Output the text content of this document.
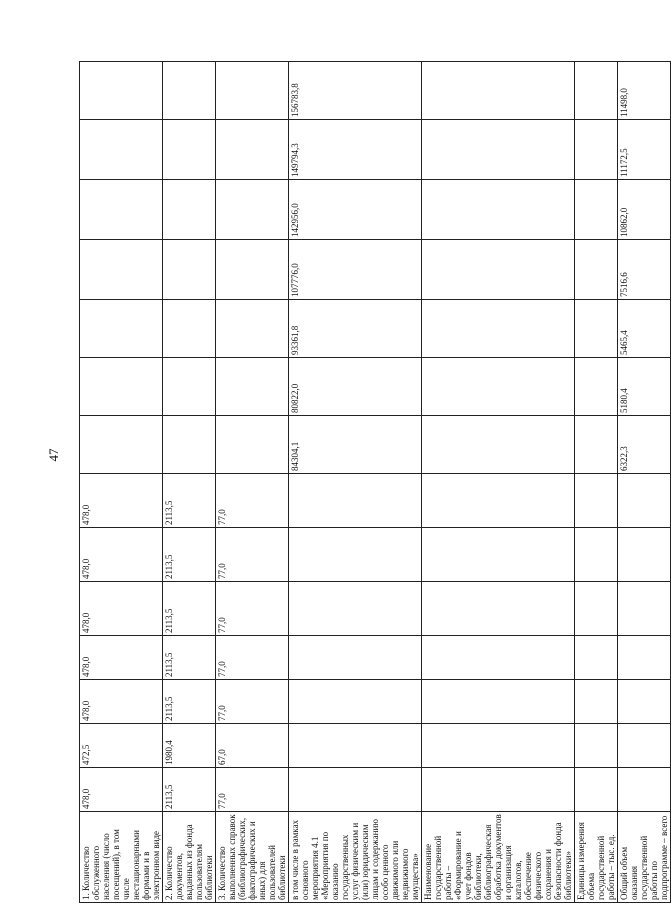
47
1. Количество обслуженного населения (число посещений), в том числе нестационарными формами и в электронном виде	478,0	472,5	478,0	478,0	478,0	478,0	478,0							
2. Количество документов, выданных из фонда пользователям библиотеки	2113,5	1980,4	2113,5	2113,5	2113,5	2113,5	2113,5							
3. Количество выполненных справок (библиографических, фактографических и иных) для пользователей библиотеки	77,0	67,0	77,0	77,0	77,0	77,0	77,0							
в том числе в рамках основного мероприятия 4.1 «Мероприятия по оказанию государственных услуг физическим и (или) юридическим лицам и содержанию особо ценного движимого или недвижимого имущества»								84304,1	80822,0	93361,8	107776,0	142956,0	149794,3	156783,8
Наименование государственной работы – «Формирование и учет фондов библиотеки, библиографическая обработка документов и организация каталогов, обеспечение физического сохранения и безопасности фонда библиотеки»														
Единицы измерения объема государственной работы – тыс. ед.														
Общий объем оказания государственной работы по подпрограмме – всего								6322,3	5180,4	5465,4	7516,6	10862,0	11172,5	11498,0
